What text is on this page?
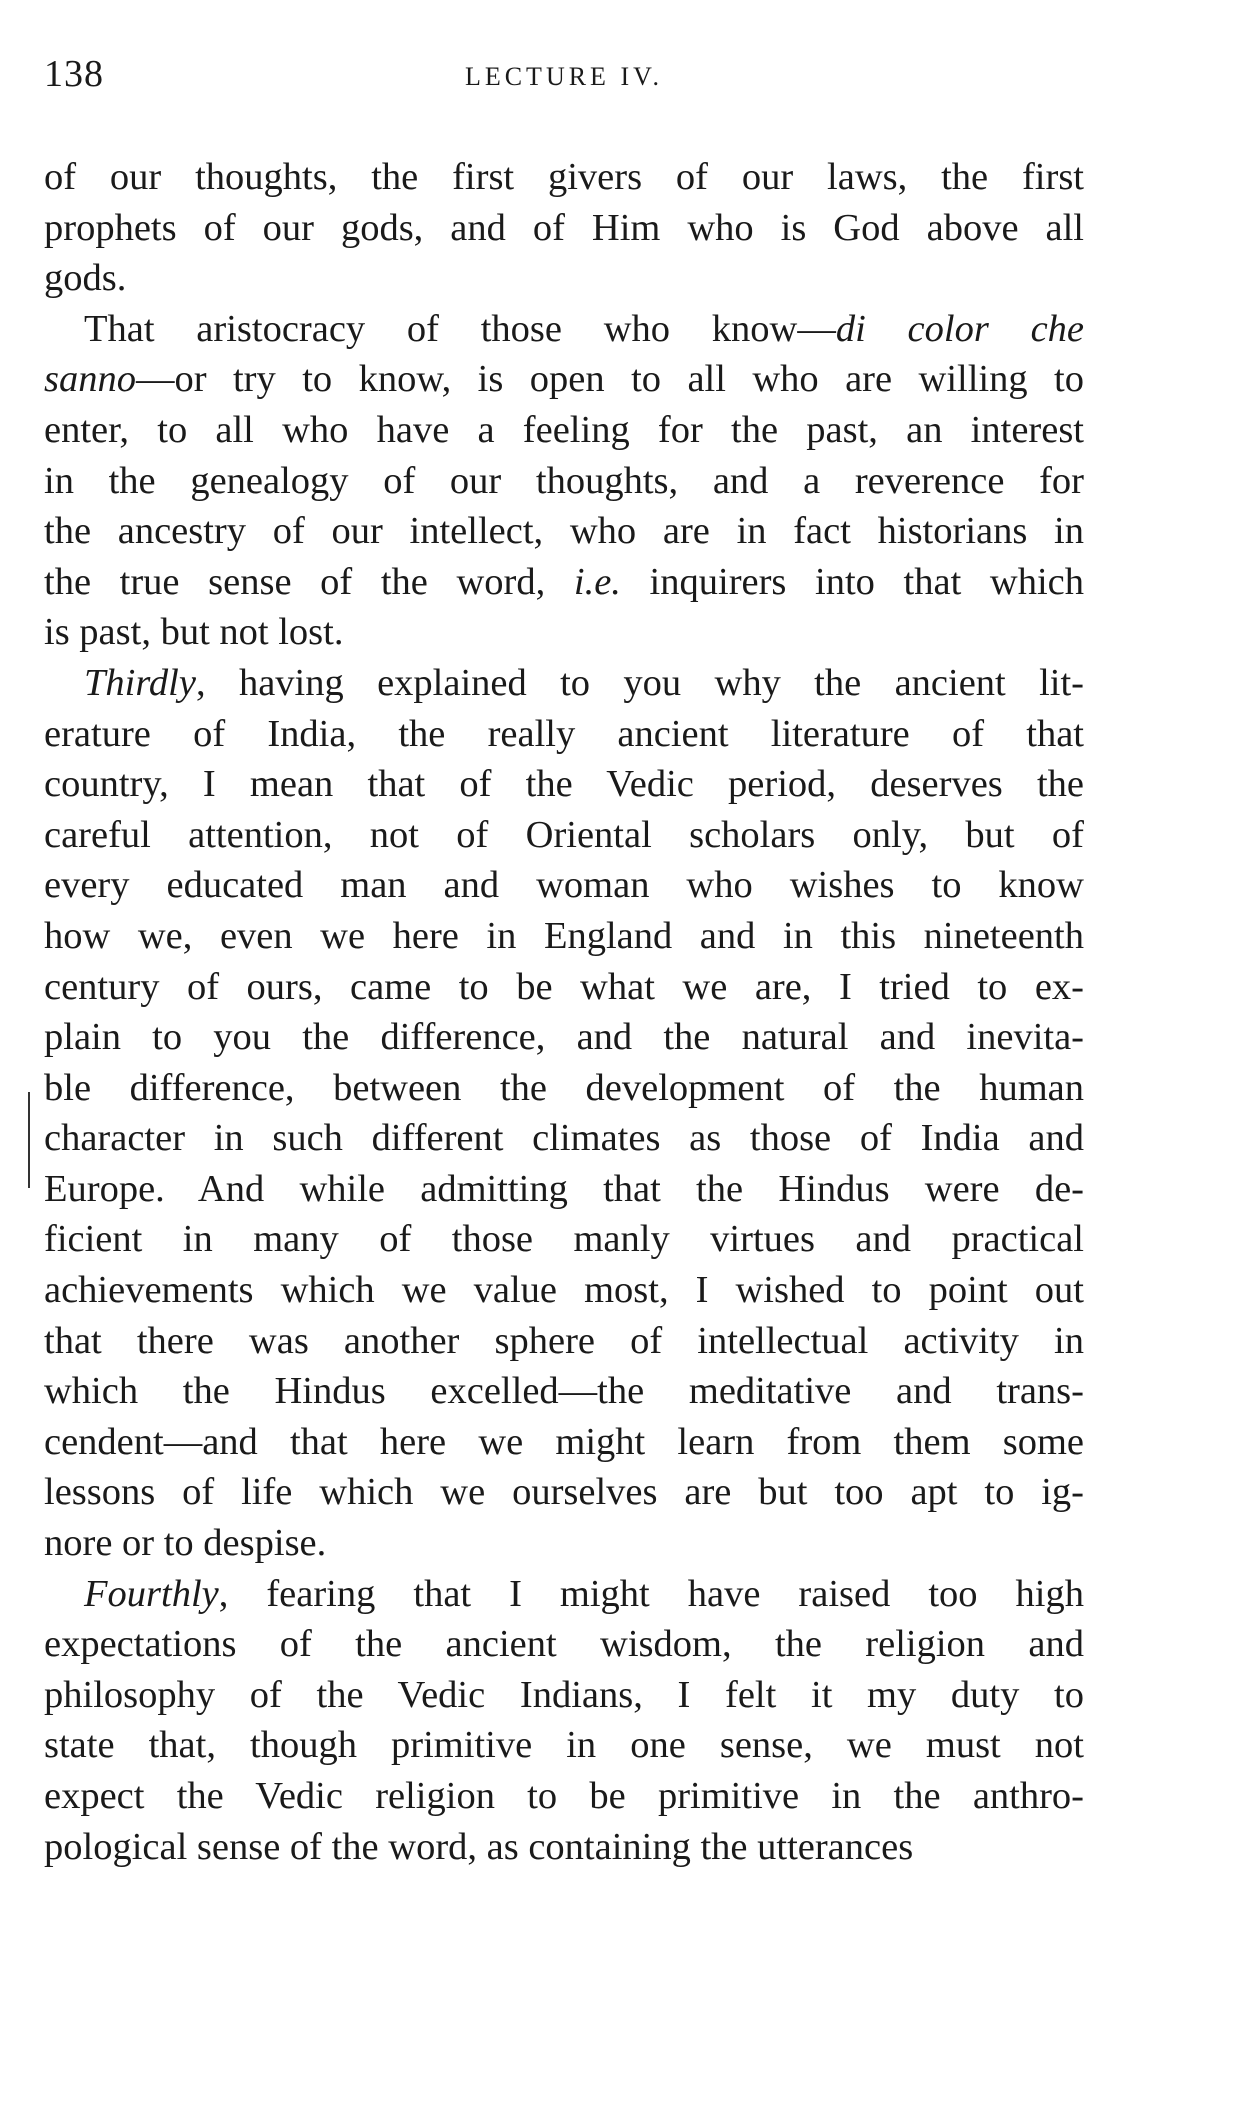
138	LECTURE IV.
of our thoughts, the first givers of our laws, the first
prophets of our gods, and of Him who is God above all
gods.
That aristocracy of those who know—di color che
sanno—or try to know, is open to all who are willing to
enter, to all who have a feeling for the past, an interest
in the genealogy of our thoughts, and a reverence for
the ancestry of our intellect, who are in fact historians in
the true sense of the word, i.e. inquirers into that which
is past, but not lost.
Thirdly, having explained to you why the ancient lit-
erature of India, the really ancient literature of that
country, I mean that of the Vedic period, deserves the
careful attention, not of Oriental scholars only, but of
every educated man and woman who wishes to know
how we, even we here in England and in this nineteenth
century of ours, came to be what we are, I tried to ex-
plain to you the difference, and the natural and inevita-
ble difference, between the development of the human
character in such different climates as those of India and
Europe. And while admitting that the Hindus were de-
ficient in many of those manly virtues and practical
achievements which we value most, I wished to point out
that there was another sphere of intellectual activity in
which the Hindus excelled—the meditative and trans-
cendent—and that here we might learn from them some
lessons of life which we ourselves are but too apt to ig-
nore or to despise.
Fourthly, fearing that I might have raised too high
expectations of the ancient wisdom, the religion and
philosophy of the Vedic Indians, I felt it my duty to
state that, though primitive in one sense, we must not
expect the Vedic religion to be primitive in the anthro-
pological sense of the word, as containing the utterances
